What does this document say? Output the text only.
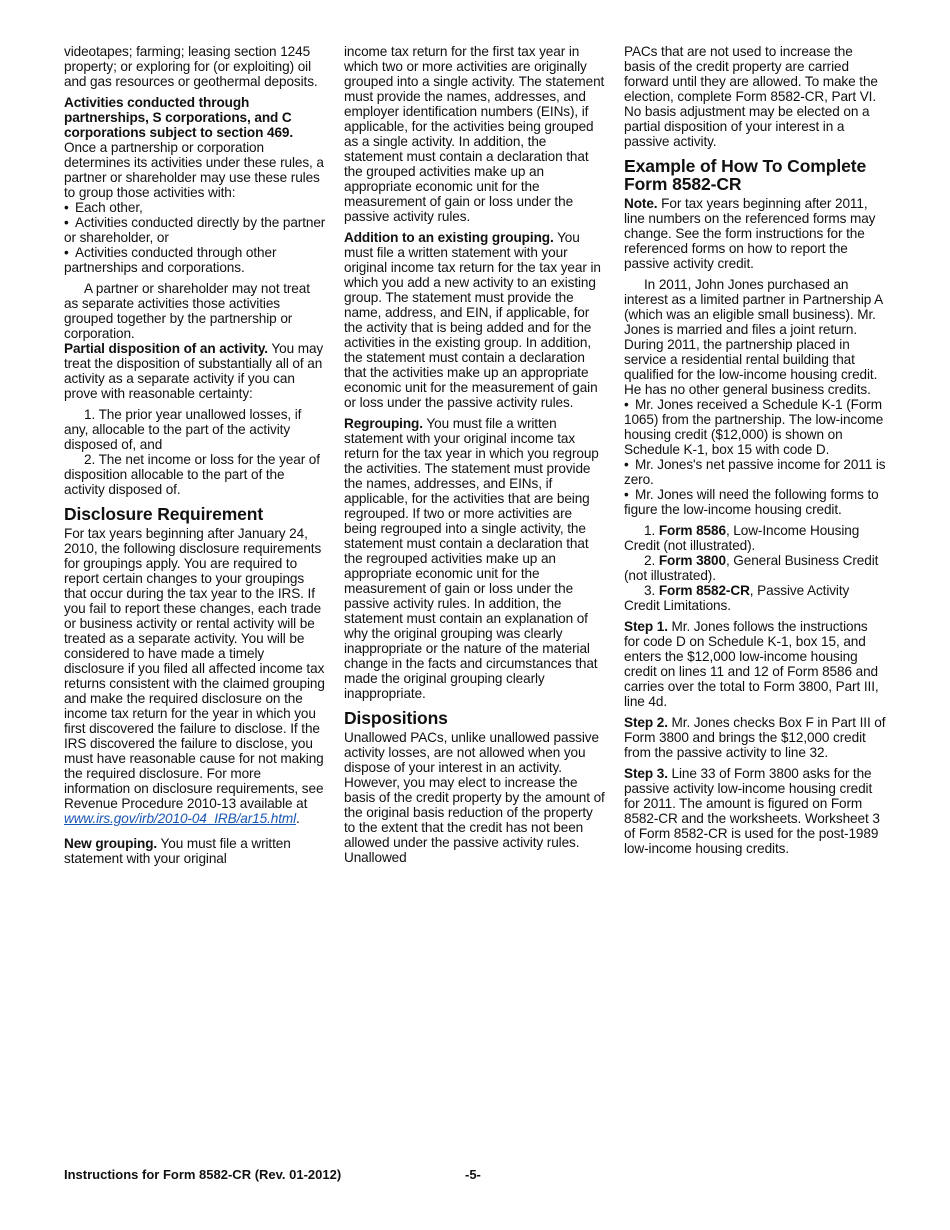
videotapes; farming; leasing section 1245 property; or exploring for (or exploiting) oil and gas resources or geothermal deposits.

Activities conducted through partnerships, S corporations, and C corporations subject to section 469. Once a partnership or corporation determines its activities under these rules, a partner or shareholder may use these rules to group those activities with:

• Each other,
• Activities conducted directly by the partner or shareholder, or
• Activities conducted through other partnerships and corporations.

A partner or shareholder may not treat as separate activities those activities grouped together by the partnership or corporation.

Partial disposition of an activity. You may treat the disposition of substantially all of an activity as a separate activity if you can prove with reasonable certainty:

1. The prior year unallowed losses, if any, allocable to the part of the activity disposed of, and
2. The net income or loss for the year of disposition allocable to the part of the activity disposed of.
Disclosure Requirement

For tax years beginning after January 24, 2010, the following disclosure requirements for groupings apply. You are required to report certain changes to your groupings that occur during the tax year to the IRS. If you fail to report these changes, each trade or business activity or rental activity will be treated as a separate activity. You will be considered to have made a timely disclosure if you filed all affected income tax returns consistent with the claimed grouping and make the required disclosure on the income tax return for the year in which you first discovered the failure to disclose. If the IRS discovered the failure to disclose, you must have reasonable cause for not making the required disclosure. For more information on disclosure requirements, see Revenue Procedure 2010-13 available at www.irs.gov/irb/2010-04_IRB/ar15.html.

New grouping. You must file a written statement with your original

income tax return for the first tax year in which two or more activities are originally grouped into a single activity. The statement must provide the names, addresses, and employer identification numbers (EINs), if applicable, for the activities being grouped as a single activity. In addition, the statement must contain a declaration that the grouped activities make up an appropriate economic unit for the measurement of gain or loss under the passive activity rules.

Addition to an existing grouping. You must file a written statement with your original income tax return for the tax year in which you add a new activity to an existing group. The statement must provide the name, address, and EIN, if applicable, for the activity that is being added and for the activities in the existing group. In addition, the statement must contain a declaration that the activities make up an appropriate economic unit for the measurement of gain or loss under the passive activity rules.

Regrouping. You must file a written statement with your original income tax return for the tax year in which you regroup the activities. The statement must provide the names, addresses, and EINs, if applicable, for the activities that are being regrouped. If two or more activities are being regrouped into a single activity, the statement must contain a declaration that the regrouped activities make up an appropriate economic unit for the measurement of gain or loss under the passive activity rules. In addition, the statement must contain an explanation of why the original grouping was clearly inappropriate or the nature of the material change in the facts and circumstances that made the original grouping clearly inappropriate.

Dispositions

Unallowed PACs, unlike unallowed passive activity losses, are not allowed when you dispose of your interest in an activity. However, you may elect to increase the basis of the credit property by the amount of the original basis reduction of the property to the extent that the credit has not been allowed under the passive activity rules. Unallowed

PACs that are not used to increase the basis of the credit property are carried forward until they are allowed. To make the election, complete Form 8582-CR, Part VI. No basis adjustment may be elected on a partial disposition of your interest in a passive activity.

Example of How To Complete Form 8582-CR

Note. For tax years beginning after 2011, line numbers on the referenced forms may change. See the form instructions for the referenced forms on how to report the passive activity credit.

In 2011, John Jones purchased an interest as a limited partner in Partnership A (which was an eligible small business). Mr. Jones is married and files a joint return. During 2011, the partnership placed in service a residential rental building that qualified for the low-income housing credit. He has no other general business credits.

• Mr. Jones received a Schedule K-1 (Form 1065) from the partnership. The low-income housing credit ($12,000) is shown on Schedule K-1, box 15 with code D.
• Mr. Jones's net passive income for 2011 is zero.
• Mr. Jones will need the following forms to figure the low-income housing credit.
1. Form 8586, Low-Income Housing Credit (not illustrated).
2. Form 3800, General Business Credit (not illustrated).
3. Form 8582-CR, Passive Activity Credit Limitations.

Step 1. Mr. Jones follows the instructions for code D on Schedule K-1, box 15, and enters the $12,000 low-income housing credit on lines 11 and 12 of Form 8586 and carries over the total to Form 3800, Part III, line 4d.

Step 2. Mr. Jones checks Box F in Part III of Form 3800 and brings the $12,000 credit from the passive activity to line 32.

Step 3. Line 33 of Form 3800 asks for the passive activity low-income housing credit for 2011. The amount is figured on Form 8582-CR and the worksheets. Worksheet 3 of Form 8582-CR is used for the post-1989 low-income housing credits.

Instructions for Form 8582-CR (Rev. 01-2012)	-5-
